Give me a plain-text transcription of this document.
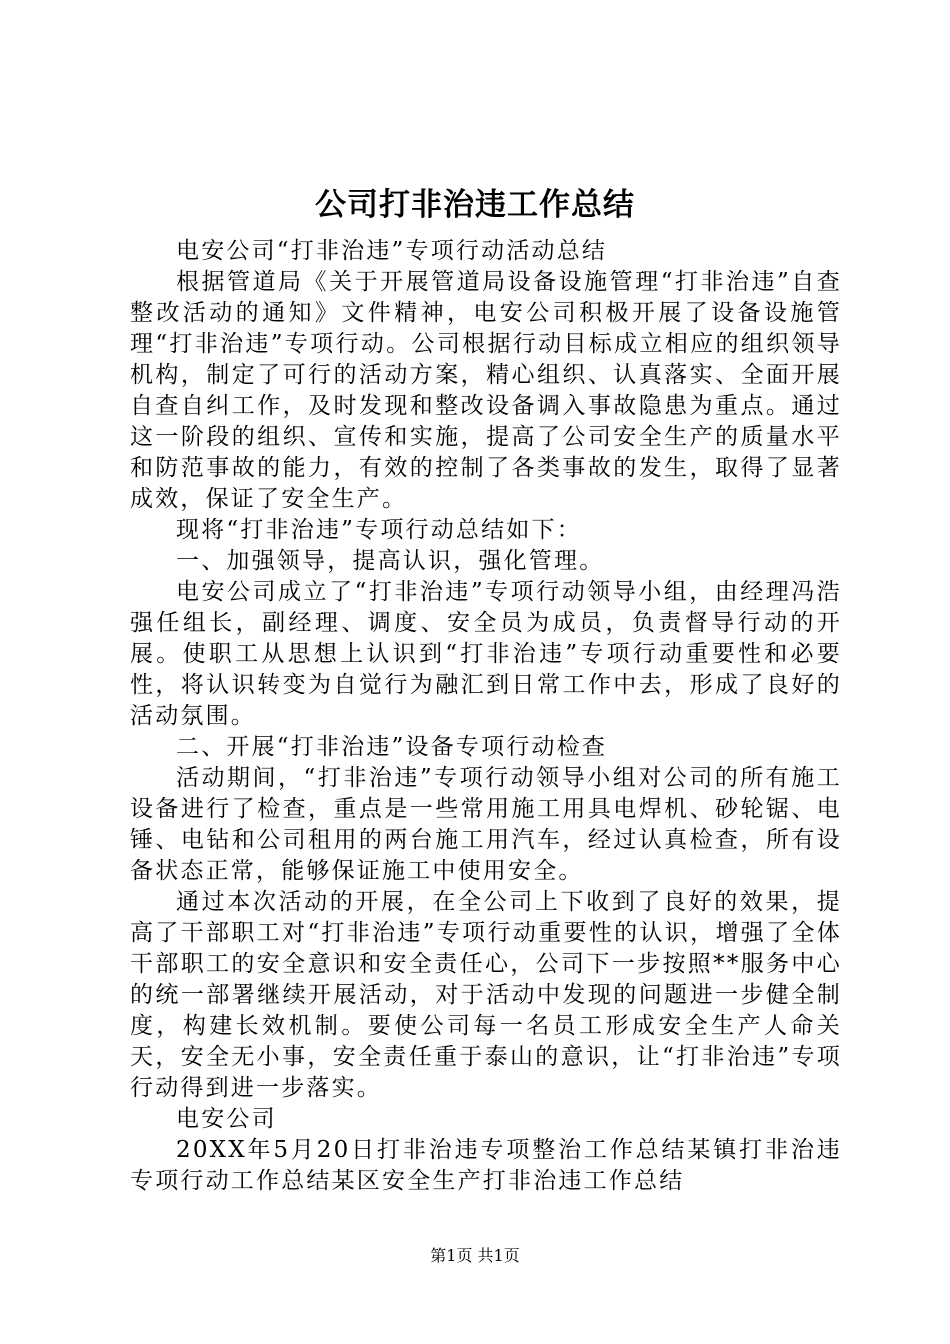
公司打非治违工作总结

电安公司“打非治违”专项行动活动总结

根据管道局《关于开展管道局设备设施管理“打非治违”自查整改活动的通知》文件精神，电安公司积极开展了设备设施管理“打非治违”专项行动。公司根据行动目标成立相应的组织领导机构，制定了可行的活动方案，精心组织、认真落实、全面开展自查自纠工作，及时发现和整改设备调入事故隐患为重点。通过这一阶段的组织、宣传和实施，提高了公司安全生产的质量水平和防范事故的能力，有效的控制了各类事故的发生，取得了显著成效，保证了安全生产。

现将“打非治违”专项行动总结如下：

一、加强领导，提高认识，强化管理。

电安公司成立了“打非治违”专项行动领导小组，由经理冯浩强任组长，副经理、调度、安全员为成员，负责督导行动的开展。使职工从思想上认识到“打非治违”专项行动重要性和必要性，将认识转变为自觉行为融汇到日常工作中去，形成了良好的活动氛围。

二、开展“打非治违”设备专项行动检查

活动期间，“打非治违”专项行动领导小组对公司的所有施工设备进行了检查，重点是一些常用施工用具电焊机、砂轮锯、电锤、电钻和公司租用的两台施工用汽车，经过认真检查，所有设备状态正常，能够保证施工中使用安全。

通过本次活动的开展，在全公司上下收到了良好的效果，提高了干部职工对“打非治违”专项行动重要性的认识，增强了全体干部职工的安全意识和安全责任心，公司下一步按照**服务中心的统一部署继续开展活动，对于活动中发现的问题进一步健全制度，构建长效机制。要使公司每一名员工形成安全生产人命关天，安全无小事，安全责任重于泰山的意识，让“打非治违”专项行动得到进一步落实。

电安公司

20XX年5月20日打非治违专项整治工作总结某镇打非治违专项行动工作总结某区安全生产打非治违工作总结

第1页 共1页
